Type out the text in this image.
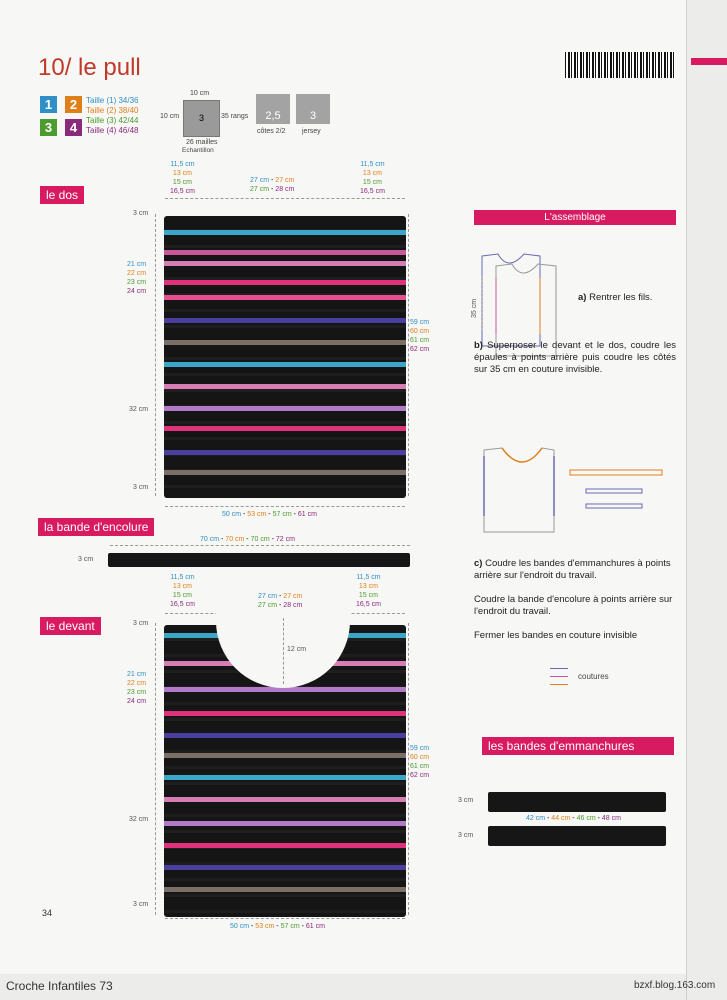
10/ le pull
1	2
3	4
Taille (1) 34/36
Taille (2) 38/40
Taille (3) 42/44
Taille (4) 46/48
10 cm
10 cm	3	35 rangs
26 mailles
Echantillon
2,5	3
côtes 2/2 jersey
le dos
11,5 cm
13 cm
15 cm
16,5 cm
11,5 cm
13 cm
15 cm
16,5 cm
27 cm - 27 cm
27 cm - 28 cm
3 cm
21 cm
22 cm
23 cm
24 cm
32 cm
3 cm
59 cm
60 cm
61 cm
62 cm
50 cm - 53 cm - 57 cm - 61 cm
la bande d'encolure
70 cm - 70 cm - 70 cm - 72 cm
3 cm
le devant
11,5 cm
13 cm
15 cm
16,5 cm
11,5 cm
13 cm
15 cm
16,5 cm
27 cm - 27 cm
27 cm - 28 cm
12 cm
3 cm
21 cm
22 cm
23 cm
24 cm
32 cm
3 cm
59 cm
60 cm
61 cm
62 cm
50 cm - 53 cm - 57 cm - 61 cm
34
L'assemblage
35 cm
a) Rentrer les fils.
b) Superposer le devant et le dos, coudre les épaules à points arrière puis coudre les côtés sur 35 cm en couture invisible.
c) Coudre les bandes d'emmanchures à points arrière sur l'endroit du travail.
Coudre la bande d'encolure à points arrière sur l'endroit du travail.
Fermer les bandes en couture invisible
coutures
les bandes d'emmanchures
3 cm
42 cm - 44 cm - 46 cm - 48 cm
3 cm
Croche Infantiles 73	bzxf.blog.163.com
